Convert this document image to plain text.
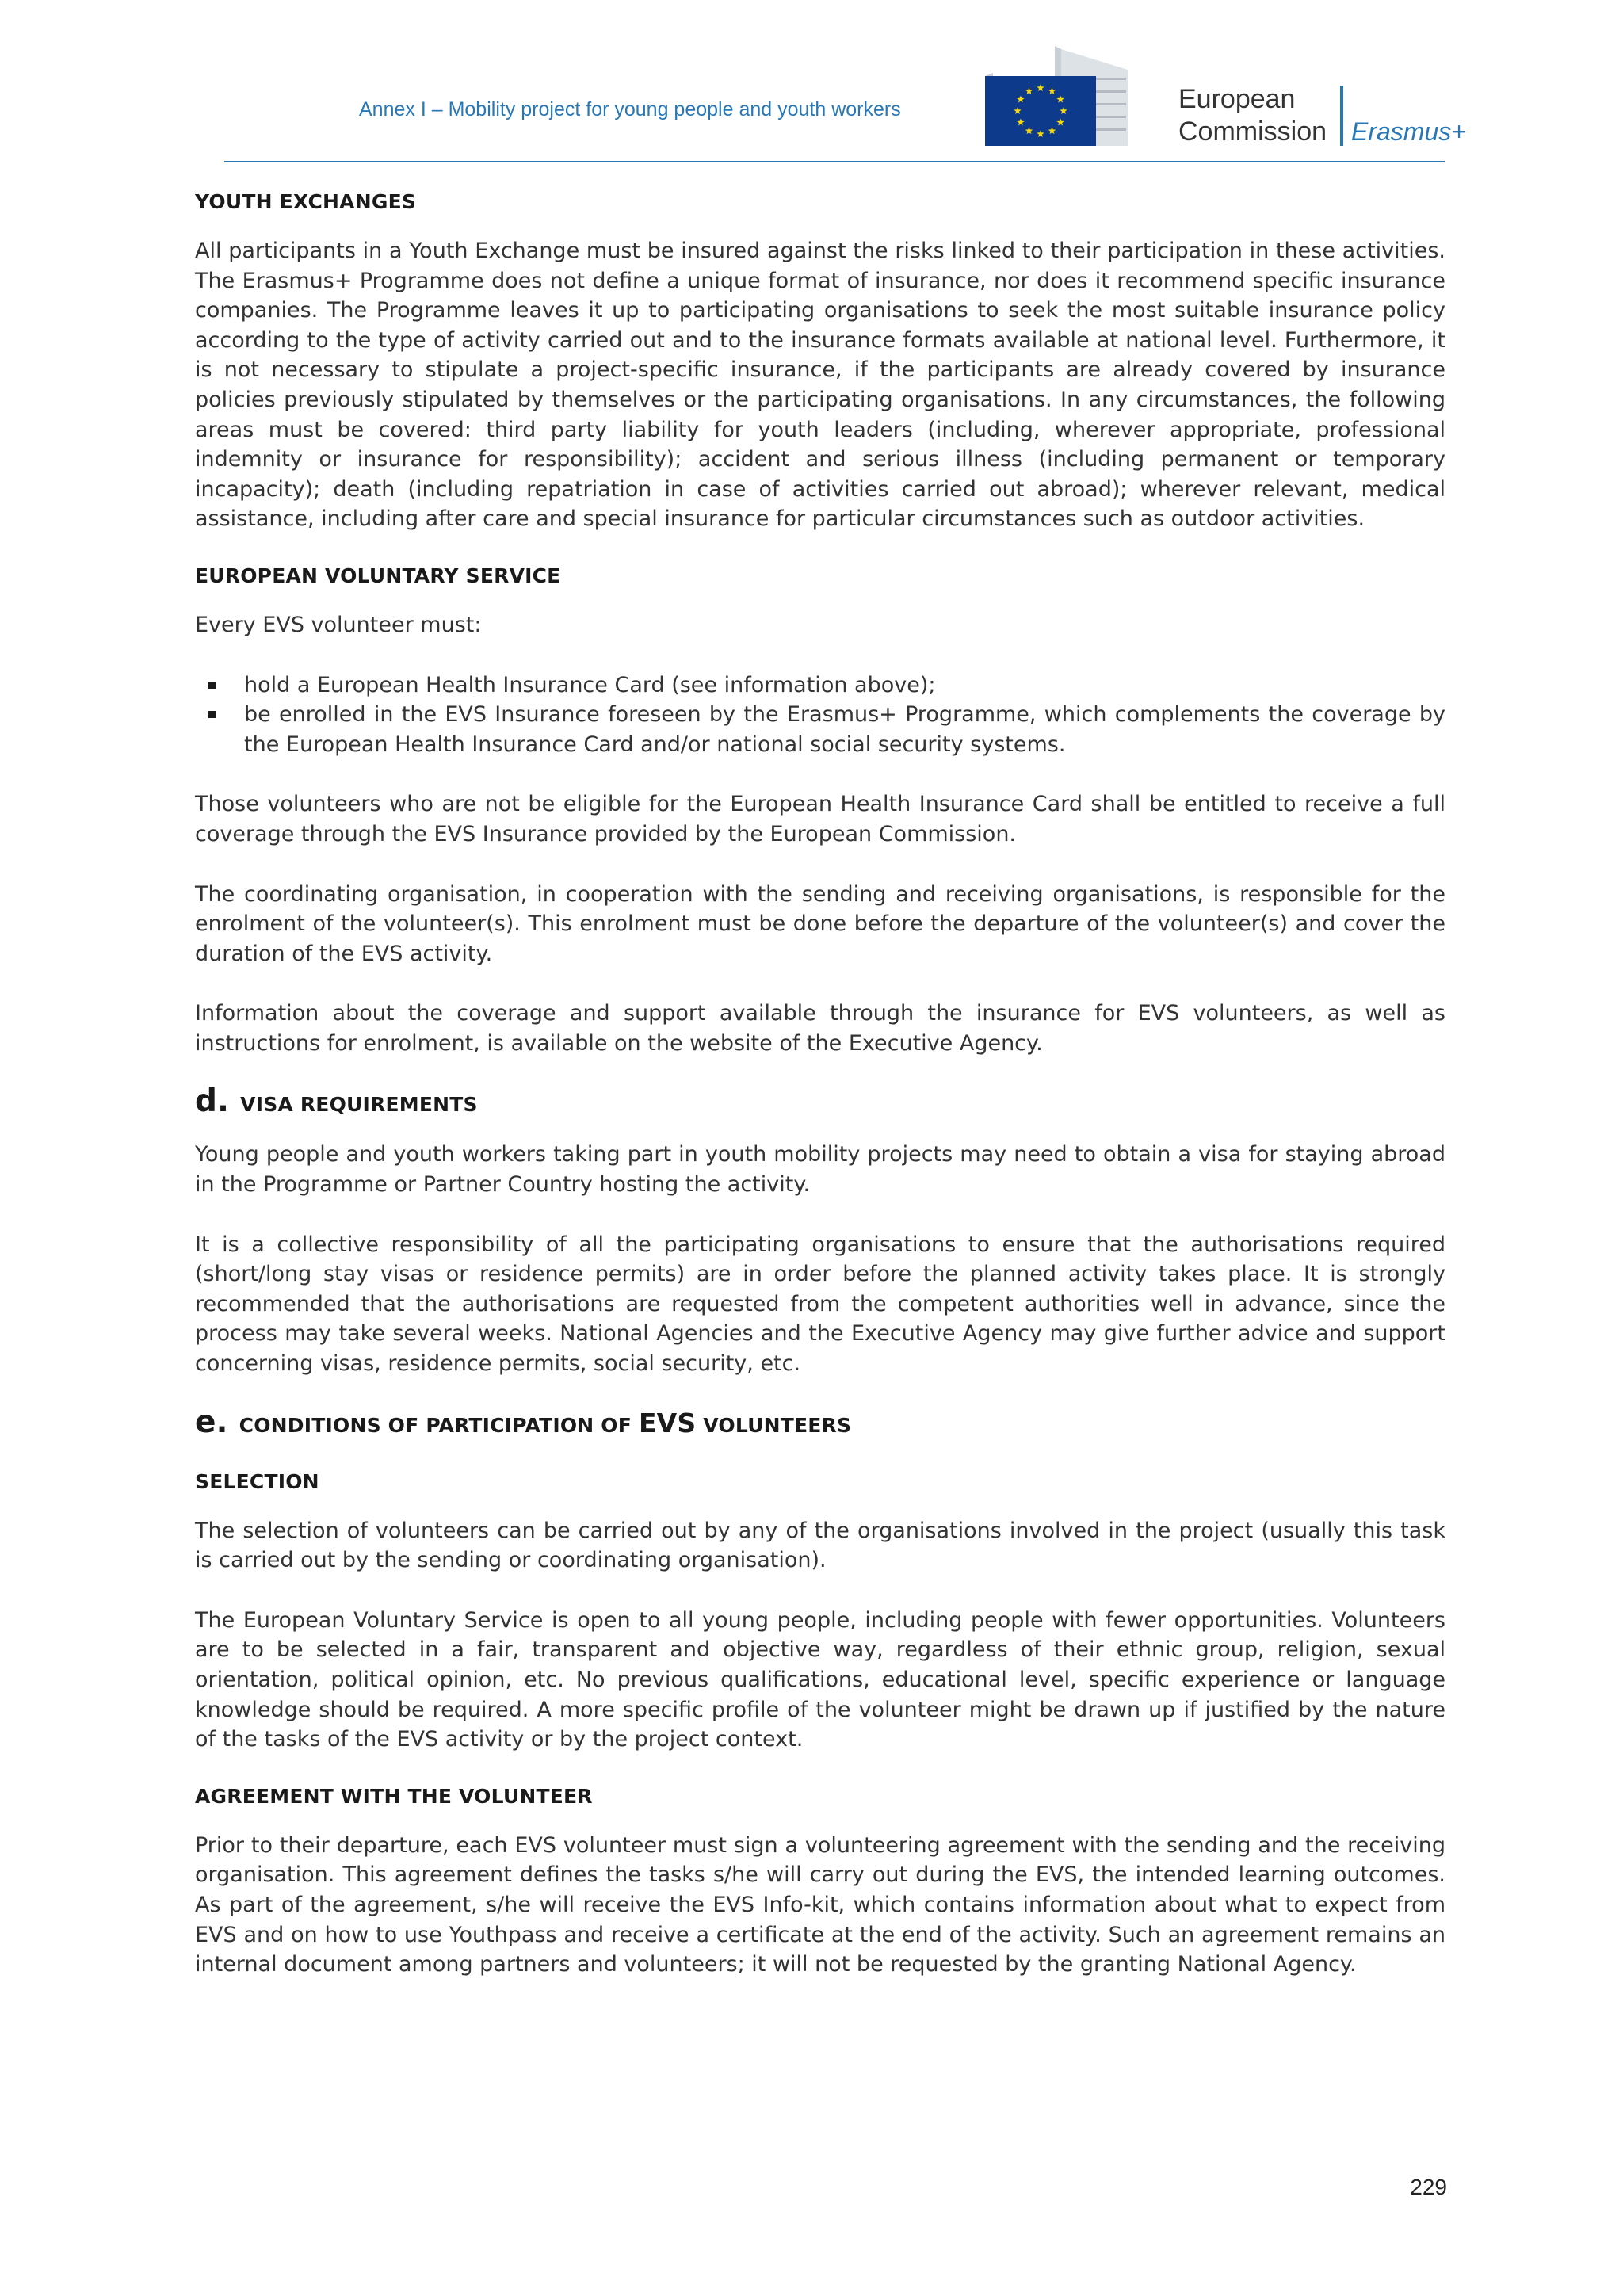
Annex I – Mobility project for young people and youth workers	European
Commission Erasmus+
YOUTH EXCHANGES

All participants in a Youth Exchange must be insured against the risks linked to their participation in these activities. The Erasmus+ Programme does not define a unique format of insurance, nor does it recommend specific insurance companies. The Programme leaves it up to participating organisations to seek the most suitable insurance policy according to the type of activity carried out and to the insurance formats available at national level. Furthermore, it is not necessary to stipulate a project-specific insurance, if the participants are already covered by insurance policies previously stipulated by themselves or the participating organisations. In any circumstances, the following areas must be covered: third party liability for youth leaders (including, wherever appropriate, professional indemnity or insurance for responsibility); accident and serious illness (including permanent or temporary incapacity); death (including repatriation in case of activities carried out abroad); wherever relevant, medical assistance, including after care and special insurance for particular circumstances such as outdoor activities.

EUROPEAN VOLUNTARY SERVICE

Every EVS volunteer must:

hold a European Health Insurance Card (see information above);
be enrolled in the EVS Insurance foreseen by the Erasmus+ Programme, which complements the coverage by the European Health Insurance Card and/or national social security systems.

Those volunteers who are not be eligible for the European Health Insurance Card shall be entitled to receive a full coverage through the EVS Insurance provided by the European Commission.

The coordinating organisation, in cooperation with the sending and receiving organisations, is responsible for the enrolment of the volunteer(s). This enrolment must be done before the departure of the volunteer(s) and cover the duration of the EVS activity.

Information about the coverage and support available through the insurance for EVS volunteers, as well as instructions for enrolment, is available on the website of the Executive Agency.

d. VISA REQUIREMENTS

Young people and youth workers taking part in youth mobility projects may need to obtain a visa for staying abroad in the Programme or Partner Country hosting the activity.

It is a collective responsibility of all the participating organisations to ensure that the authorisations required (short/long stay visas or residence permits) are in order before the planned activity takes place. It is strongly recommended that the authorisations are requested from the competent authorities well in advance, since the process may take several weeks. National Agencies and the Executive Agency may give further advice and support concerning visas, residence permits, social security, etc.

e. CONDITIONS OF PARTICIPATION OF EVS VOLUNTEERS
SELECTION

The selection of volunteers can be carried out by any of the organisations involved in the project (usually this task is carried out by the sending or coordinating organisation).

The European Voluntary Service is open to all young people, including people with fewer opportunities. Volunteers are to be selected in a fair, transparent and objective way, regardless of their ethnic group, religion, sexual orientation, political opinion, etc. No previous qualifications, educational level, specific experience or language knowledge should be required. A more specific profile of the volunteer might be drawn up if justified by the nature of the tasks of the EVS activity or by the project context.

AGREEMENT WITH THE VOLUNTEER

Prior to their departure, each EVS volunteer must sign a volunteering agreement with the sending and the receiving organisation. This agreement defines the tasks s/he will carry out during the EVS, the intended learning outcomes. As part of the agreement, s/he will receive the EVS Info-kit, which contains information about what to expect from EVS and on how to use Youthpass and receive a certificate at the end of the activity. Such an agreement remains an internal document among partners and volunteers; it will not be requested by the granting National Agency.

229
